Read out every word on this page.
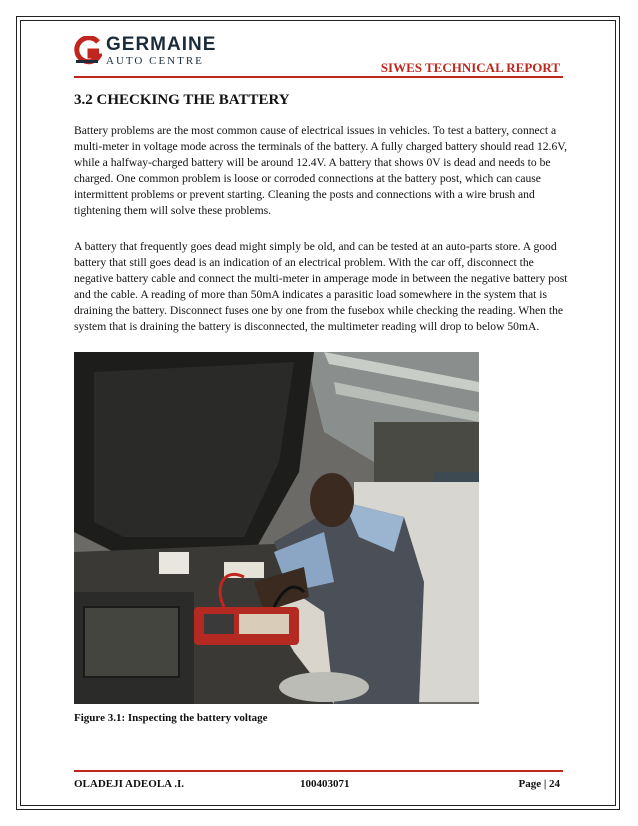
GERMAINE
AUTO CENTRE	SIWES TECHNICAL REPORT
3.2 CHECKING THE BATTERY

Battery problems are the most common cause of electrical issues in vehicles. To test a battery, connect a multi-meter in voltage mode across the terminals of the battery. A fully charged battery should read 12.6V, while a halfway-charged battery will be around 12.4V. A battery that shows 0V is dead and needs to be charged. One common problem is loose or corroded connections at the battery post, which can cause intermittent problems or prevent starting. Cleaning the posts and connections with a wire brush and tightening them will solve these problems.

A battery that frequently goes dead might simply be old, and can be tested at an auto-parts store. A good battery that still goes dead is an indication of an electrical problem. With the car off, disconnect the negative battery cable and connect the multi-meter in amperage mode in between the negative battery post and the cable. A reading of more than 50mA indicates a parasitic load somewhere in the system that is draining the battery. Disconnect fuses one by one from the fusebox while checking the reading. When the system that is draining the battery is disconnected, the multimeter reading will drop to below 50mA.

Figure 3.1: Inspecting the battery voltage
OLADEJI ADEOLA .I.	100403071	Page | 24
